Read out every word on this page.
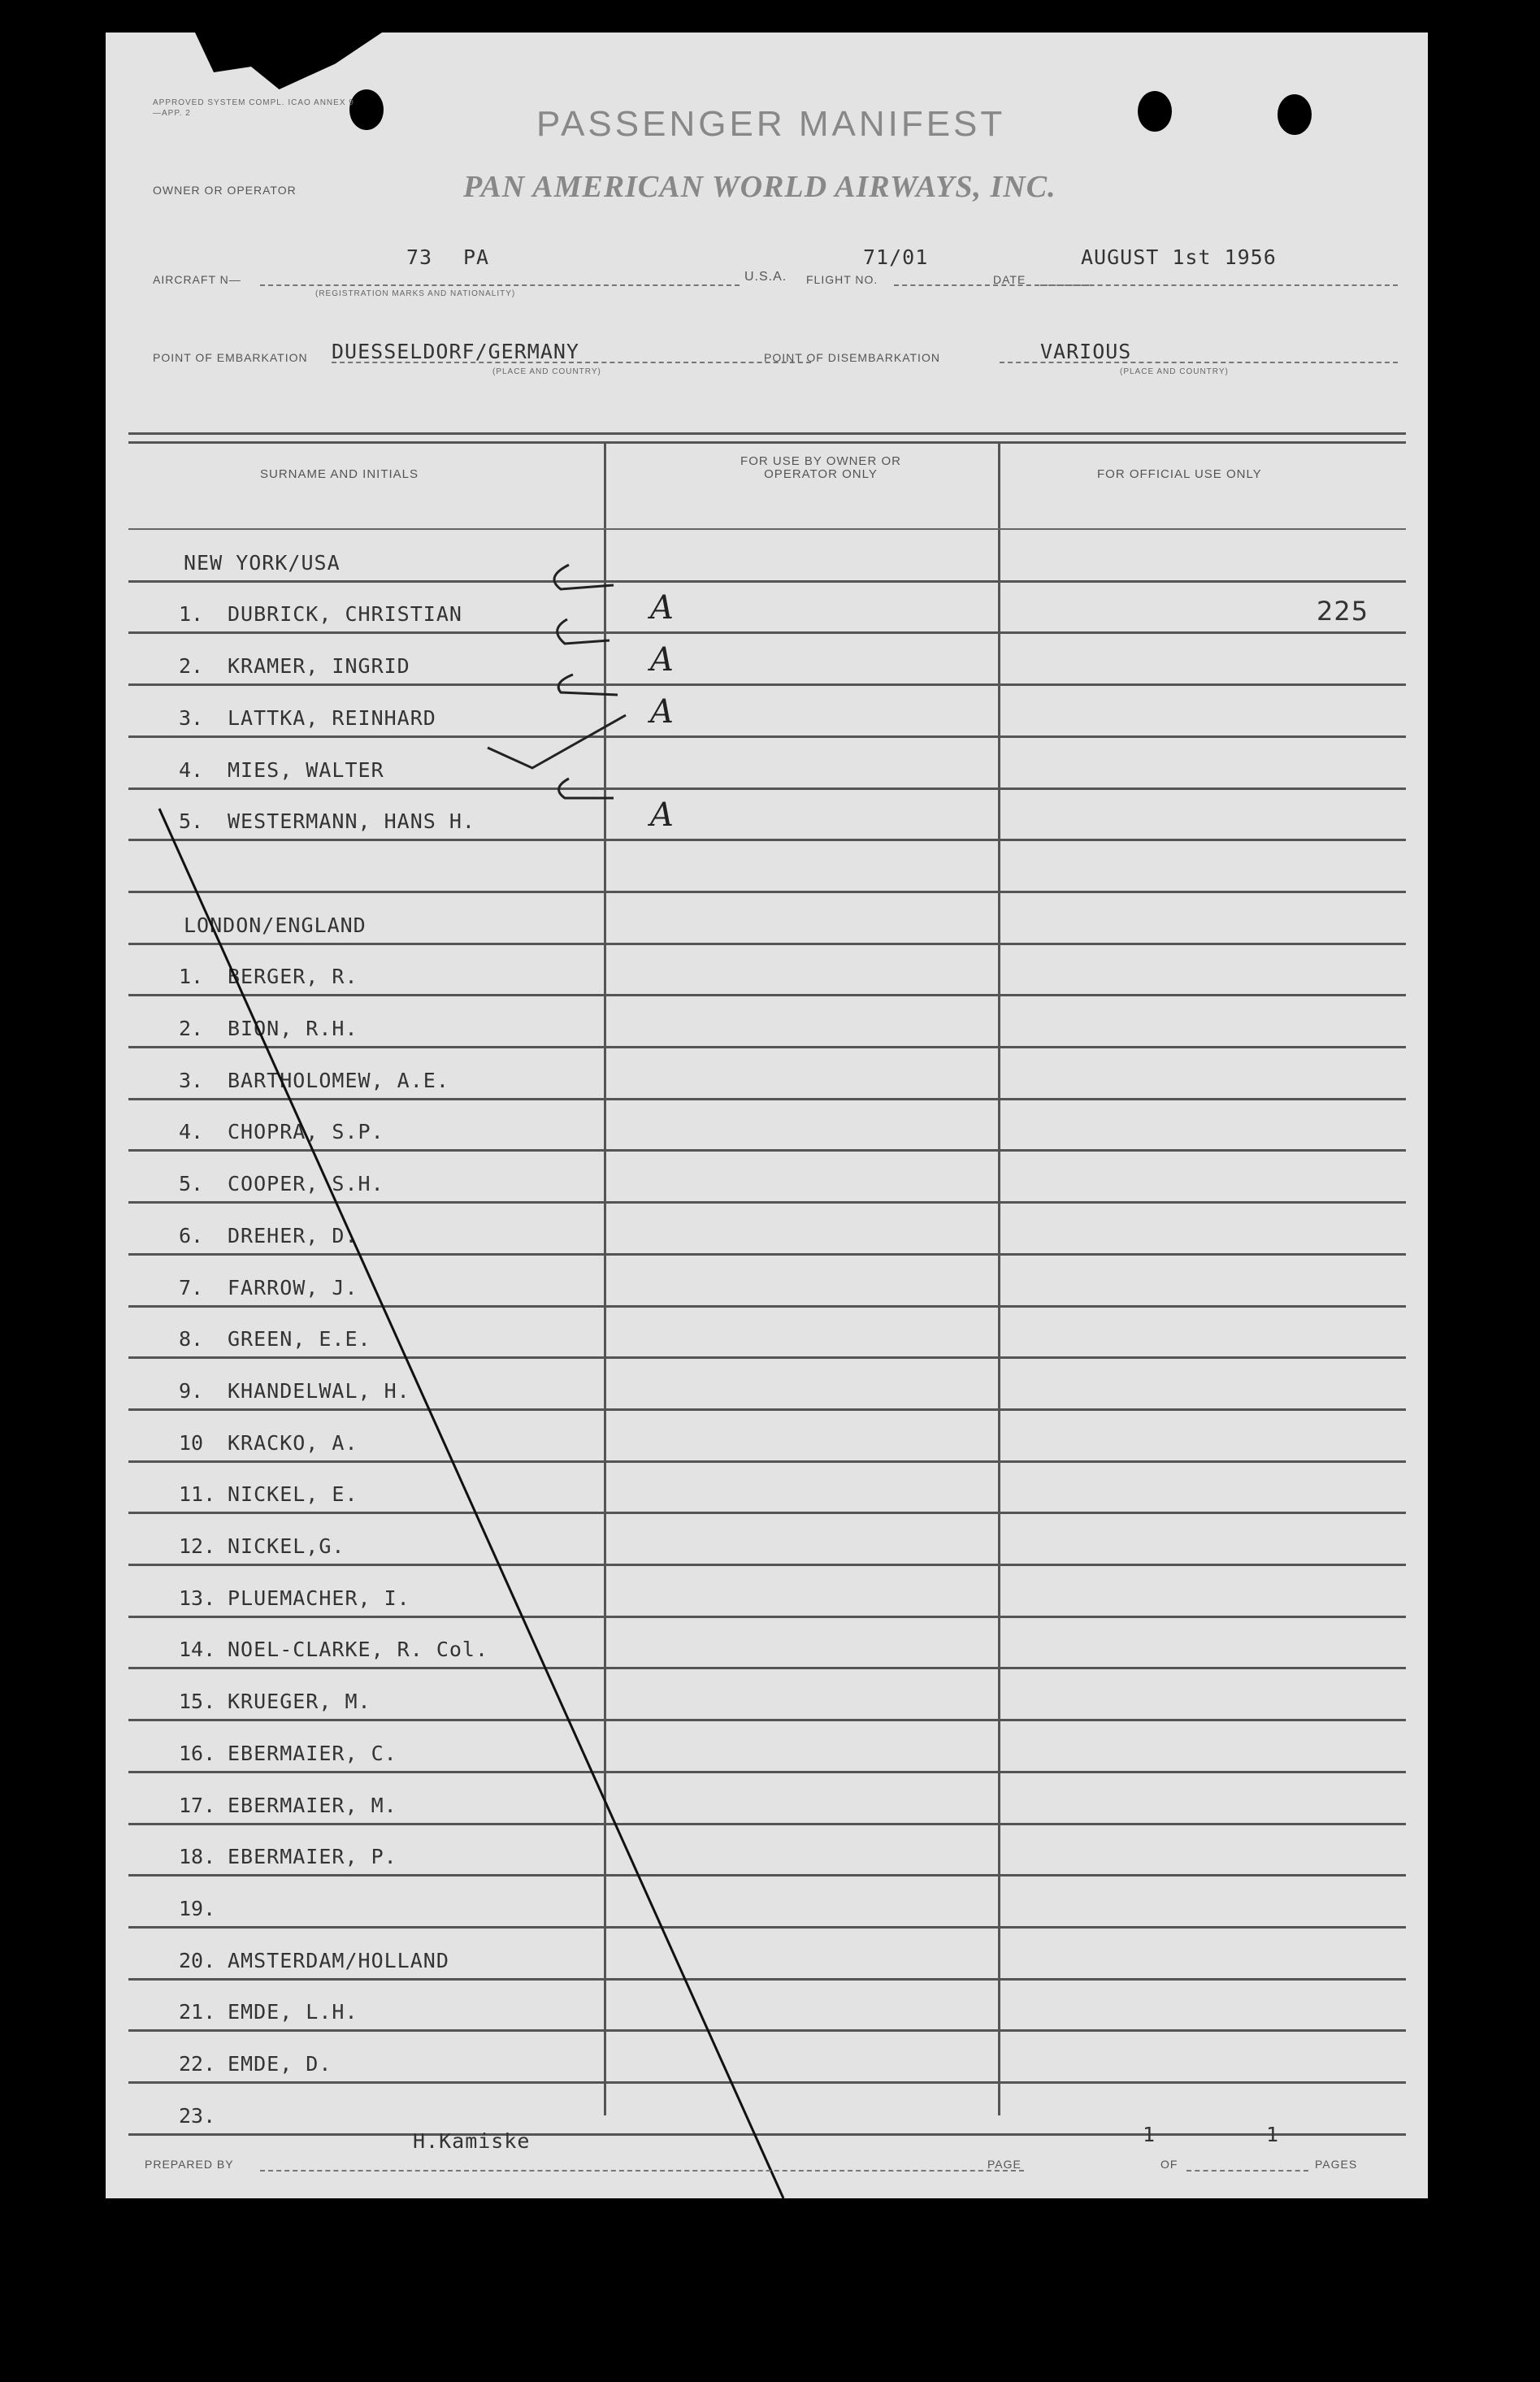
APPROVED SYSTEM COMPL. ICAO ANNEX 9—APP. 2	PASSENGER MANIFEST
OWNER OR OPERATOR	PAN AMERICAN WORLD AIRWAYS, INC.
AIRCRAFT N—
73 PA
(REGISTRATION MARKS AND NATIONALITY)
U.S.A. FLIGHT NO.
71/01
DATE
AUGUST 1st 1956
POINT OF EMBARKATION DUESSELDORF/GERMANY
(PLACE AND COUNTRY)
POINT OF DISEMBARKATION	VARIOUS
(PLACE AND COUNTRY)
SURNAME AND INITIALS
FOR USE BY OWNER OR OPERATOR ONLY	FOR OFFICIAL USE ONLY
NEW YORK/USA
1.	DUBRICK, CHRISTIAN	A	225
2.	KRAMER, INGRID	A
3.	LATTKA, REINHARD	A
4.	MIES, WALTER
5.	WESTERMANN, HANS H.	A
LONDON/ENGLAND
1.	BERGER, R.
2.	BION, R.H.
3.	BARTHOLOMEW, A.E.
4.	CHOPRA, S.P.
5.	COOPER, S.H.
6.	DREHER, D.
7.	FARROW, J.
8.	GREEN, E.E.
9.	KHANDELWAL, H.
10	KRACKO, A.
11. NICKEL, E.
12. NICKEL,G.
13. PLUEMACHER, I.
14. NOEL-CLARKE, R. Col.
15. KRUEGER, M.
16. EBERMAIER, C.
17. EBERMAIER, M.
18. EBERMAIER, P.
19.
20. AMSTERDAM/HOLLAND
21. EMDE, L.H.
22. EMDE, D.
23.
PREPARED BY
H.Kamiske	1
PAGE	OF
1
PAGES
